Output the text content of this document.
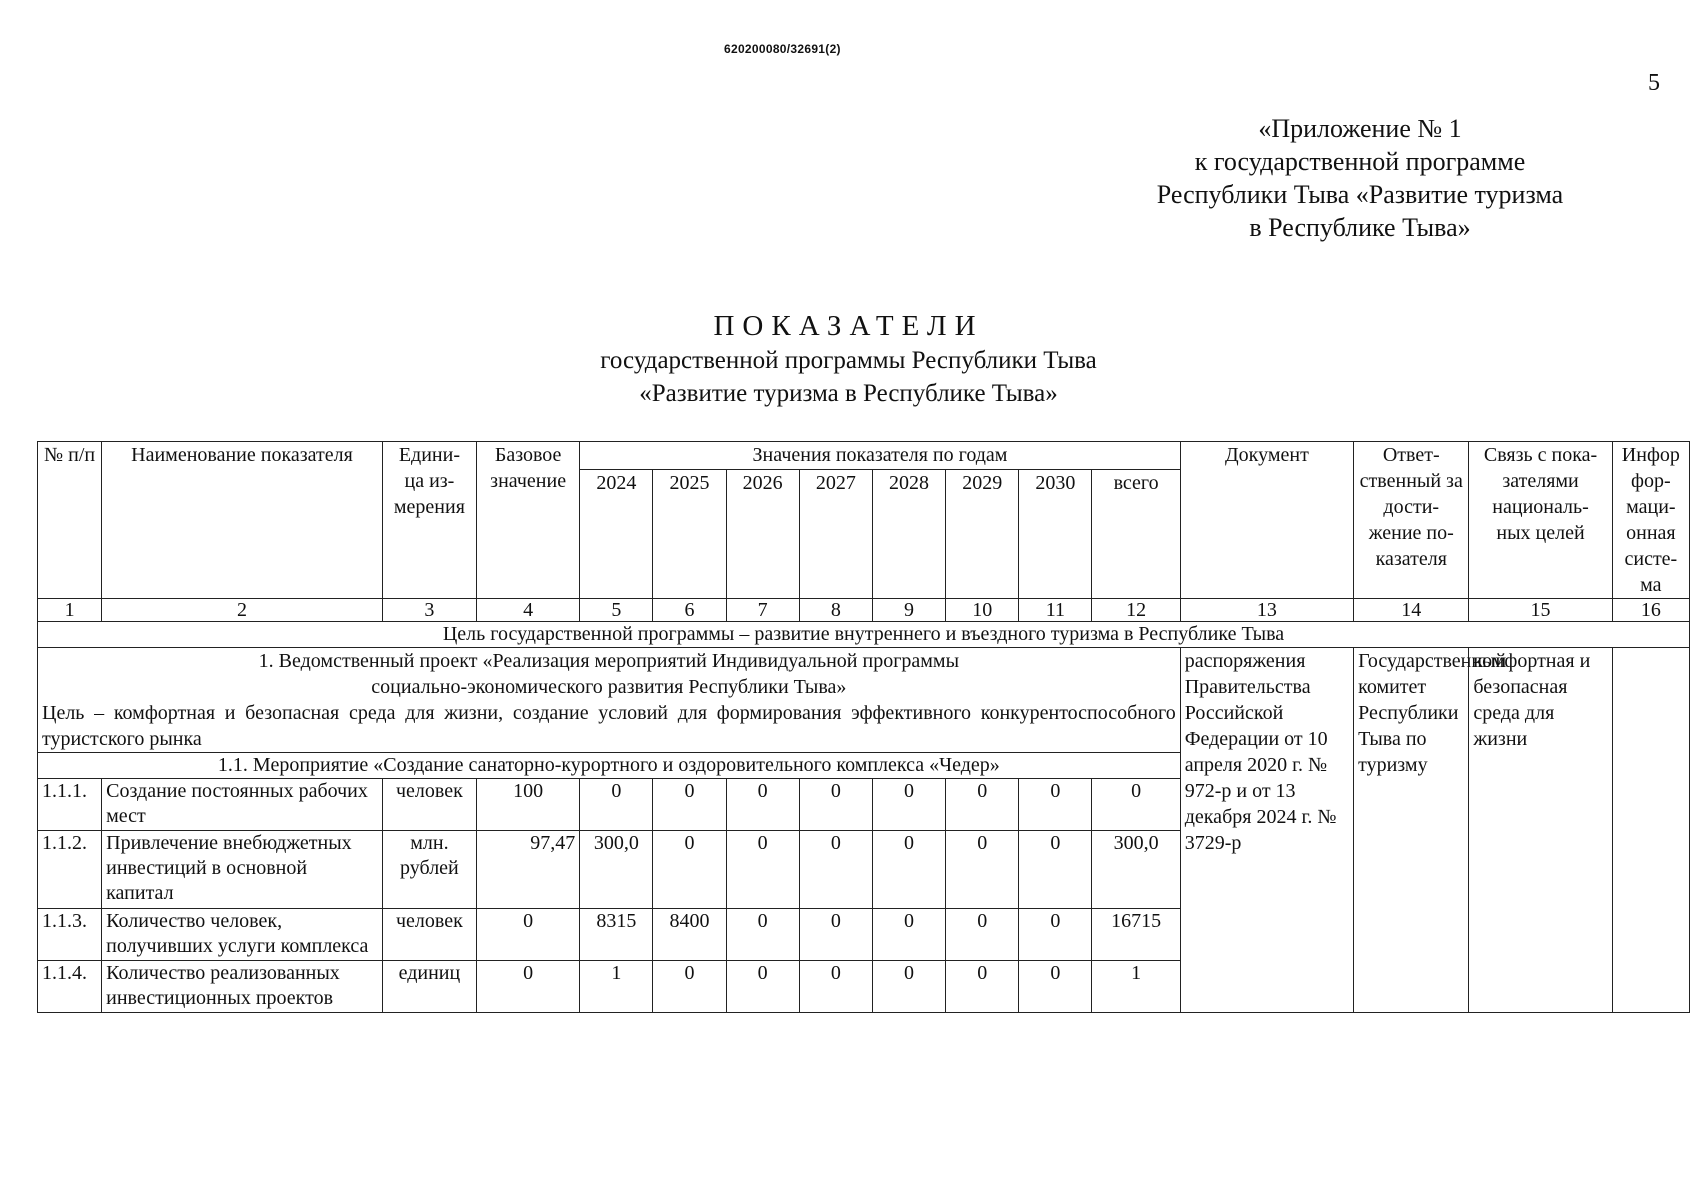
620200080/32691(2)
5
«Приложение № 1
к государственной программе
Республики Тыва «Развитие туризма
в Республике Тыва»
ПОКАЗАТЕЛИ
государственной программы Республики Тыва
«Развитие туризма в Республике Тыва»
№ п/п	Наименование показателя	Едини- ца из- мерения	Базовое значение	Значения показателя по годам								Документ	Ответ- ственный за дости- жение по- казателя	Связь с пока- зателями националь- ных целей	Инфор фор- маци- онная систе- ма
				2024	2025	2026	2027	2028	2029	2030	всего				
1	2	3	4	5	6	7	8	9	10	11	12	13	14	15	16
Цель государственной программы – развитие внутреннего и въездного туризма в Республике Тыва															

1. Ведомственный проект «Реализация мероприятий Индивидуальной программы
социально-экономического развития Республики Тыва»
Цель – комфортная и безопасная среда для жизни, создание условий для формирования эффективного конкурентоспособного туристского рынка												распоряжения Правительства Российской Федерации от 10 апреля 2020 г. № 972-р и от 13 декабря 2024 г. № 3729-р	Государственный комитет Республики Тыва по туризму	комфортная и безопасная среда для жизни	
1.1. Мероприятие «Создание санаторно-курортного и оздоровительного комплекса «Чедер»															
1.1.1.	Создание постоянных рабочих мест	человек	100	0	0	0	0	0	0	0	0				
1.1.2.	Привлечение внебюджетных инвестиций в основной капитал	млн. рублей	97,47	300,0	0	0	0	0	0	0	300,0				
1.1.3.	Количество человек, получивших услуги комплекса	человек	0	8315	8400	0	0	0	0	0	16715				
1.1.4.	Количество реализованных инвестиционных проектов	единиц	0	1	0	0	0	0	0	0	1				
